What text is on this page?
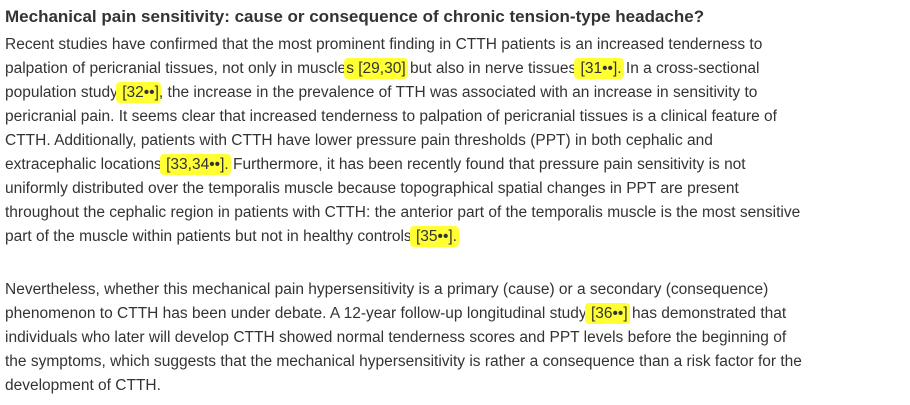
Mechanical pain sensitivity: cause or consequence of chronic tension-type headache?
Recent studies have confirmed that the most prominent finding in CTTH patients is an increased tenderness to
palpation of pericranial tissues, not only in muscles [29,30] but also in nerve tissues [31••]. In a cross-sectional
population study [32••], the increase in the prevalence of TTH was associated with an increase in sensitivity to
pericranial pain. It seems clear that increased tenderness to palpation of pericranial tissues is a clinical feature of
CTTH. Additionally, patients with CTTH have lower pressure pain thresholds (PPT) in both cephalic and
extracephalic locations [33,34••]. Furthermore, it has been recently found that pressure pain sensitivity is not
uniformly distributed over the temporalis muscle because topographical spatial changes in PPT are present
throughout the cephalic region in patients with CTTH: the anterior part of the temporalis muscle is the most sensitive
part of the muscle within patients but not in healthy controls [35••].
Nevertheless, whether this mechanical pain hypersensitivity is a primary (cause) or a secondary (consequence)
phenomenon to CTTH has been under debate. A 12-year follow-up longitudinal study [36••] has demonstrated that
individuals who later will develop CTTH showed normal tenderness scores and PPT levels before the beginning of
the symptoms, which suggests that the mechanical hypersensitivity is rather a consequence than a risk factor for the
development of CTTH.
